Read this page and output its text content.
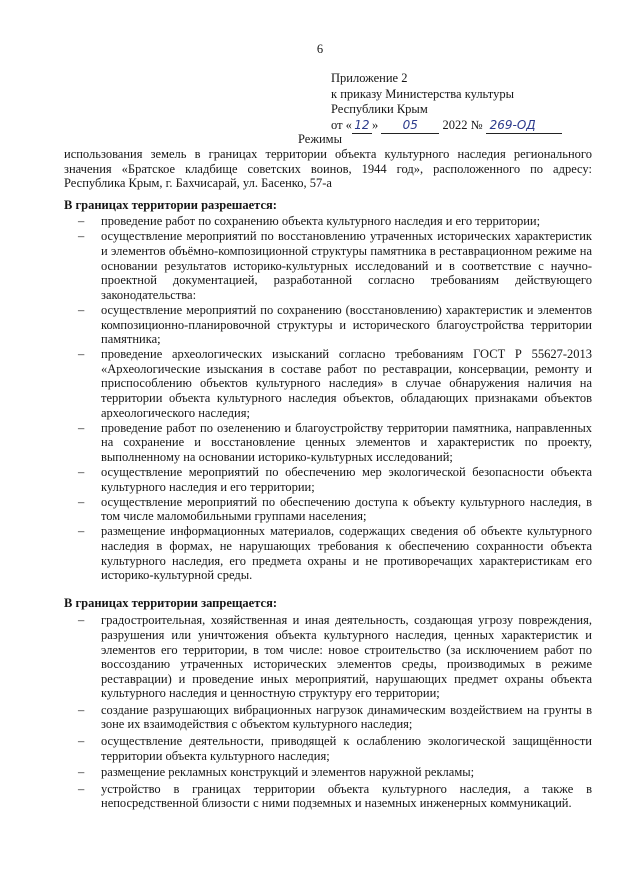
6
Приложение 2
к приказу Министерства культуры
Республики Крым
от « 12 » 05 2022 № 269-ОД
Режимы

использования земель в границах территории объекта культурного наследия регионального значения «Братское кладбище советских воинов, 1944 год», расположенного по адресу: Республика Крым, г. Бахчисарай, ул. Басенко, 57-а

В границах территории разрешается:
– проведение работ по сохранению объекта культурного наследия и его территории;
– осуществление мероприятий по восстановлению утраченных исторических характеристик и элементов объёмно-композиционной структуры памятника в реставрационном режиме на основании результатов историко-культурных исследований и в соответствие с научно-проектной документацией, разработанной согласно требованиям действующего законодательства:
– осуществление мероприятий по сохранению (восстановлению) характеристик и элементов композиционно-планировочной структуры и исторического благоустройства территории памятника;
– проведение археологических изысканий согласно требованиям ГОСТ Р 55627-2013 «Археологические изыскания в составе работ по реставрации, консервации, ремонту и приспособлению объектов культурного наследия» в случае обнаружения наличия на территории объекта культурного наследия объектов, обладающих признаками объектов археологического наследия;
– проведение работ по озеленению и благоустройству территории памятника, направленных на сохранение и восстановление ценных элементов и характеристик по проекту, выполненному на основании историко-культурных исследований;
– осуществление мероприятий по обеспечению мер экологической безопасности объекта культурного наследия и его территории;
– осуществление мероприятий по обеспечению доступа к объекту культурного наследия, в том числе маломобильными группами населения;
– размещение информационных материалов, содержащих сведения об объекте культурного наследия в формах, не нарушающих требования к обеспечению сохранности объекта культурного наследия, его предмета охраны и не противоречащих характеристикам его историко-культурной среды.
В границах территории запрещается:
– градостроительная, хозяйственная и иная деятельность, создающая угрозу повреждения, разрушения или уничтожения объекта культурного наследия, ценных характеристик и элементов его территории, в том числе: новое строительство (за исключением работ по воссозданию утраченных исторических элементов среды, производимых в режиме реставрации) и проведение иных мероприятий, нарушающих предмет охраны объекта культурного наследия и ценностную структуру его территории;
– создание разрушающих вибрационных нагрузок динамическим воздействием на грунты в зоне их взаимодействия с объектом культурного наследия;
– осуществление деятельности, приводящей к ослаблению экологической защищённости территории объекта культурного наследия;
– размещение рекламных конструкций и элементов наружной рекламы;
– устройство в границах территории объекта культурного наследия, а также в непосредственной близости с ними подземных и наземных инженерных коммуникаций.
